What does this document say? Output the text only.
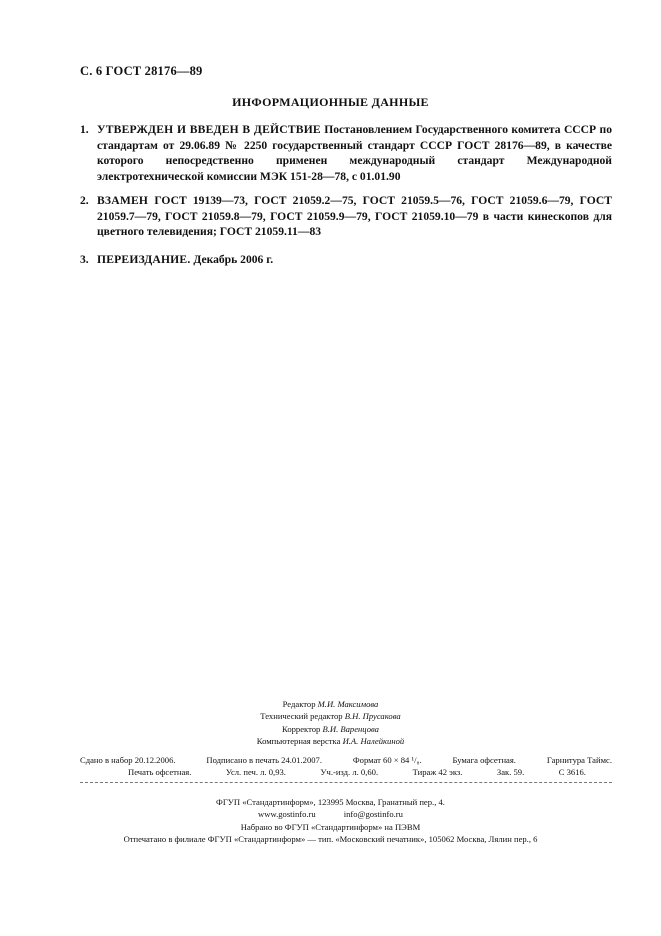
С. 6 ГОСТ 28176—89
ИНФОРМАЦИОННЫЕ ДАННЫЕ
1. УТВЕРЖДЕН И ВВЕДЕН В ДЕЙСТВИЕ Постановлением Государственного комитета СССР по стандартам от 29.06.89 № 2250 государственный стандарт СССР ГОСТ 28176—89, в качестве которого непосредственно применен международный стандарт Международной электротехнической комиссии МЭК 151-28—78, с 01.01.90
2. ВЗАМЕН ГОСТ 19139—73, ГОСТ 21059.2—75, ГОСТ 21059.5—76, ГОСТ 21059.6—79, ГОСТ 21059.7—79, ГОСТ 21059.8—79, ГОСТ 21059.9—79, ГОСТ 21059.10—79 в части кинескопов для цветного телевидения; ГОСТ 21059.11—83
3. ПЕРЕИЗДАНИЕ. Декабрь 2006 г.
Редактор М.И. Максимова
Технический редактор В.Н. Прусакова
Корректор В.И. Варенцова
Компьютерная верстка И.А. Налейкиной
Сдано в набор 20.12.2006.	Подписано в печать 24.01.2007.	Формат 60 × 84 ¹/₈.	Бумага офсетная.	Гарнитура Таймс.
Печать офсетная.	Усл. печ. л. 0,93.	Уч.-изд. л. 0,60.	Тираж 42 экз.	Зак. 59.	С 3616.
ФГУП «Стандартинформ», 123995 Москва, Гранатный пер., 4.
www.gostinfo.ru	info@gostinfo.ru
Набрано во ФГУП «Стандартинформ» на ПЭВМ
Отпечатано в филиале ФГУП «Стандартинформ» — тип. «Московский печатник», 105062 Москва, Лялин пер., 6
